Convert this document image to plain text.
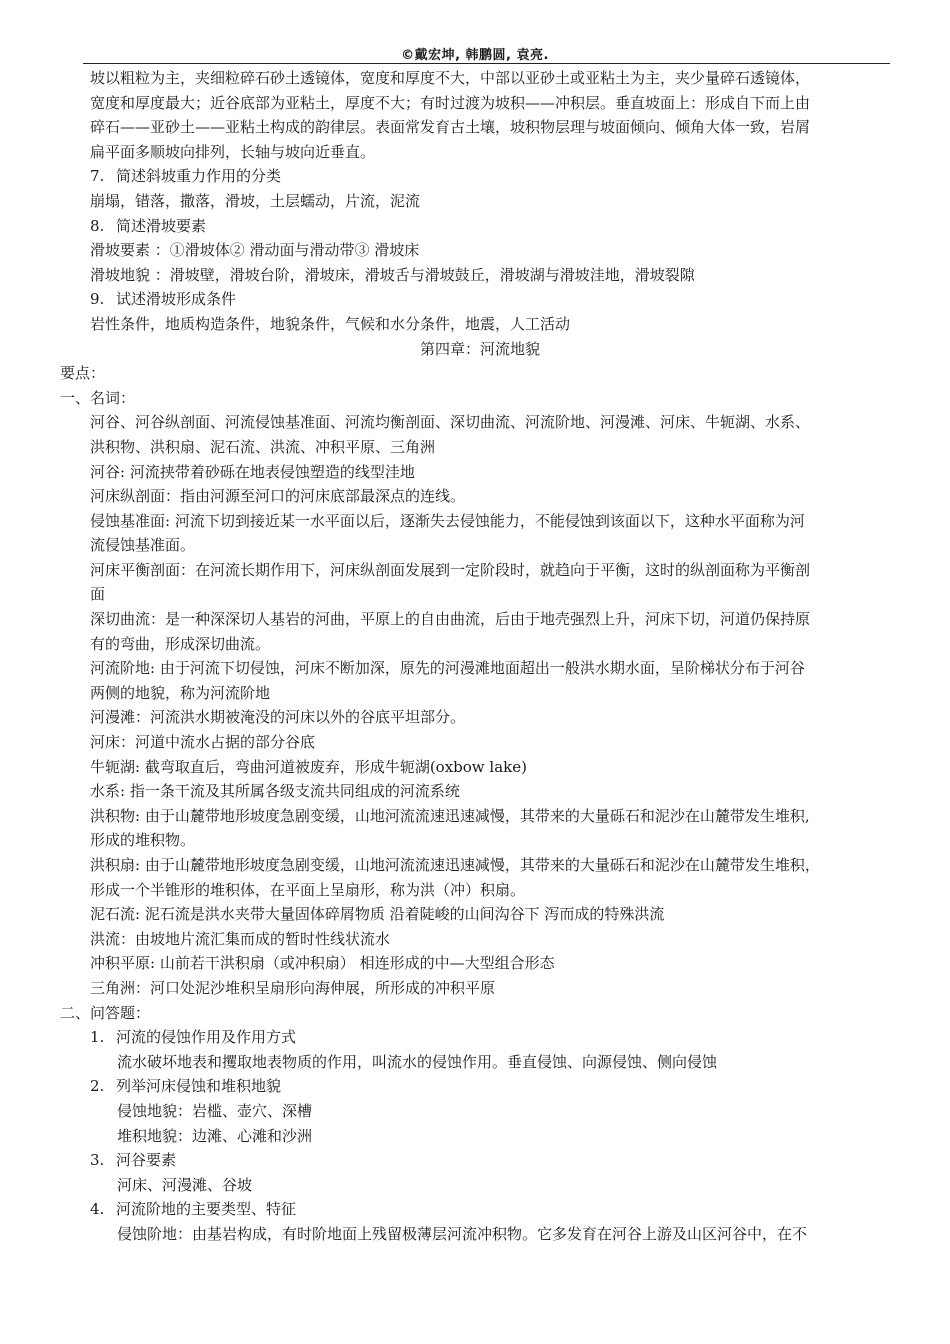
©戴宏坤, 韩鹏圆, 袁亮.
坡以粗粒为主，夹细粒碎石砂土透镜体，宽度和厚度不大，中部以亚砂土或亚粘土为主，夹少量碎石透镜体，
宽度和厚度最大；近谷底部为亚粘土，厚度不大；有时过渡为坡积——冲积层。垂直坡面上：形成自下而上由
碎石——亚砂土——亚粘土构成的韵律层。表面常发育古土壤，坡积物层理与坡面倾向、倾角大体一致，岩屑
扁平面多顺坡向排列，长轴与坡向近垂直。
7. 简述斜坡重力作用的分类
崩塌，错落，撒落，滑坡，土层蠕动，片流，泥流
8. 简述滑坡要素
滑坡要素 ：①滑坡体② 滑动面与滑动带③ 滑坡床
滑坡地貌 ：滑坡壁，滑坡台阶，滑坡床，滑坡舌与滑坡鼓丘，滑坡湖与滑坡洼地，滑坡裂隙
9. 试述滑坡形成条件
岩性条件，地质构造条件，地貌条件，气候和水分条件，地震，人工活动
第四章：河流地貌
要点：
一、名词：
河谷、河谷纵剖面、河流侵蚀基准面、河流均衡剖面、深切曲流、河流阶地、河漫滩、河床、牛轭湖、水系、
洪积物、洪积扇、泥石流、洪流、冲积平原、三角洲
河谷: 河流挟带着砂砾在地表侵蚀塑造的线型洼地
河床纵剖面：指由河源至河口的河床底部最深点的连线。
侵蚀基准面: 河流下切到接近某一水平面以后，逐渐失去侵蚀能力，不能侵蚀到该面以下，这种水平面称为河
流侵蚀基准面。
河床平衡剖面：在河流长期作用下，河床纵剖面发展到一定阶段时，就趋向于平衡，这时的纵剖面称为平衡剖
面
深切曲流：是一种深深切人基岩的河曲，平原上的自由曲流，后由于地壳强烈上升，河床下切，河道仍保持原
有的弯曲，形成深切曲流。
河流阶地: 由于河流下切侵蚀，河床不断加深，原先的河漫滩地面超出一般洪水期水面，呈阶梯状分布于河谷
两侧的地貌，称为河流阶地
河漫滩：河流洪水期被淹没的河床以外的谷底平坦部分。
河床：河道中流水占据的部分谷底
牛轭湖: 截弯取直后，弯曲河道被废弃，形成牛轭湖(oxbow lake)
水系: 指一条干流及其所属各级支流共同组成的河流系统
洪积物: 由于山麓带地形坡度急剧变缓，山地河流流速迅速减慢，其带来的大量砾石和泥沙在山麓带发生堆积,
形成的堆积物。
洪积扇: 由于山麓带地形坡度急剧变缓，山地河流流速迅速减慢，其带来的大量砾石和泥沙在山麓带发生堆积，
形成一个半锥形的堆积体，在平面上呈扇形，称为洪（冲）积扇。
泥石流: 泥石流是洪水夹带大量固体碎屑物质 沿着陡峻的山间沟谷下 泻而成的特殊洪流
洪流：由坡地片流汇集而成的暂时性线状流水
冲积平原: 山前若干洪积扇（或冲积扇） 相连形成的中—大型组合形态
三角洲：河口处泥沙堆积呈扇形向海伸展，所形成的冲积平原
二、问答题：
1. 河流的侵蚀作用及作用方式
流水破坏地表和攫取地表物质的作用，叫流水的侵蚀作用。垂直侵蚀、向源侵蚀、侧向侵蚀
2. 列举河床侵蚀和堆积地貌
侵蚀地貌：岩槛、壶穴、深槽
堆积地貌：边滩、心滩和沙洲
3. 河谷要素
河床、河漫滩、谷坡
4. 河流阶地的主要类型、特征
侵蚀阶地：由基岩构成，有时阶地面上残留极薄层河流冲积物。它多发育在河谷上游及山区河谷中，在不
